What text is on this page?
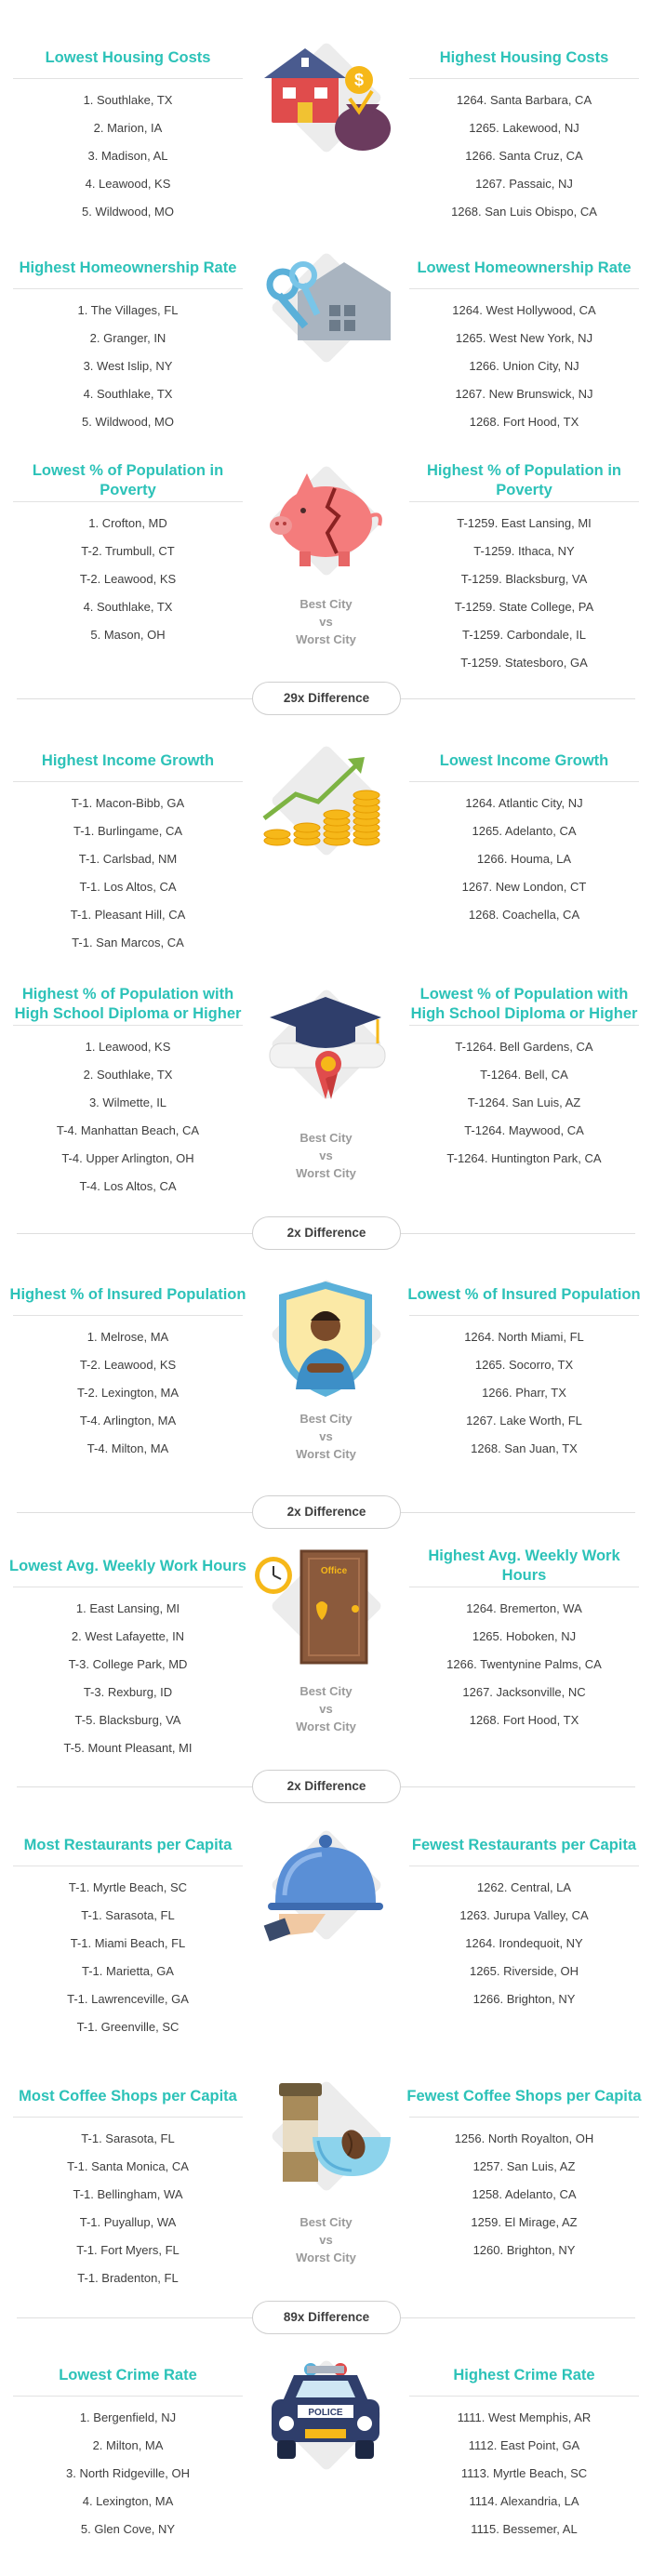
Lowest Housing Costs
1. Southlake, TX
2. Marion, IA
3. Madison, AL
4. Leawood, KS
5. Wildwood, MO
Highest Housing Costs
1264. Santa Barbara, CA
1265. Lakewood, NJ
1266. Santa Cruz, CA
1267. Passaic, NJ
1268. San Luis Obispo, CA
$
Highest Homeownership Rate
1. The Villages, FL
2. Granger, IN
3. West Islip, NY
4. Southlake, TX
5. Wildwood, MO
Lowest Homeownership Rate
1264. West Hollywood, CA
1265. West New York, NJ
1266. Union City, NJ
1267. New Brunswick, NJ
1268. Fort Hood, TX
Lowest % of Population in Poverty
1. Crofton, MD
T-2. Trumbull, CT
T-2. Leawood, KS
4. Southlake, TX
5. Mason, OH
Highest % of Population in Poverty
T-1259. East Lansing, MI
T-1259. Ithaca, NY
T-1259. Blacksburg, VA
T-1259. State College, PA
T-1259. Carbondale, IL
T-1259. Statesboro, GA
Best City
vs
Worst City
29x Difference
Highest Income Growth
T-1. Macon-Bibb, GA
T-1. Burlingame, CA
T-1. Carlsbad, NM
T-1. Los Altos, CA
T-1. Pleasant Hill, CA
T-1. San Marcos, CA
Lowest Income Growth
1264. Atlantic City, NJ
1265. Adelanto, CA
1266. Houma, LA
1267. New London, CT
1268. Coachella, CA
Highest % of Population with
High School Diploma or Higher
1. Leawood, KS
2. Southlake, TX
3. Wilmette, IL
T-4. Manhattan Beach, CA
T-4. Upper Arlington, OH
T-4. Los Altos, CA
Lowest % of Population with
High School Diploma or Higher
T-1264. Bell Gardens, CA
T-1264. Bell, CA
T-1264. San Luis, AZ
T-1264. Maywood, CA
T-1264. Huntington Park, CA
Best City
vs
Worst City
2x Difference
Highest % of Insured Population
1. Melrose, MA
T-2. Leawood, KS
T-2. Lexington, MA
T-4. Arlington, MA
T-4. Milton, MA
Lowest % of Insured Population
1264. North Miami, FL
1265. Socorro, TX
1266. Pharr, TX
1267. Lake Worth, FL
1268. San Juan, TX
Best City
vs
Worst City
2x Difference
Lowest Avg. Weekly Work Hours
1. East Lansing, MI
2. West Lafayette, IN
T-3. College Park, MD
T-3. Rexburg, ID
T-5. Blacksburg, VA
T-5. Mount Pleasant, MI
Highest Avg. Weekly Work Hours
1264. Bremerton, WA
1265. Hoboken, NJ
1266. Twentynine Palms, CA
1267. Jacksonville, NC
1268. Fort Hood, TX
Office
Best City
vs
Worst City
2x Difference
Most Restaurants per Capita
T-1. Myrtle Beach, SC
T-1. Sarasota, FL
T-1. Miami Beach, FL
T-1. Marietta, GA
T-1. Lawrenceville, GA
T-1. Greenville, SC
Fewest Restaurants per Capita
1262. Central, LA
1263. Jurupa Valley, CA
1264. Irondequoit, NY
1265. Riverside, OH
1266. Brighton, NY
Most Coffee Shops per Capita
T-1. Sarasota, FL
T-1. Santa Monica, CA
T-1. Bellingham, WA
T-1. Puyallup, WA
T-1. Fort Myers, FL
T-1. Bradenton, FL
Fewest Coffee Shops per Capita
1256. North Royalton, OH
1257. San Luis, AZ
1258. Adelanto, CA
1259. El Mirage, AZ
1260. Brighton, NY
Best City
vs
Worst City
89x Difference
Lowest Crime Rate
1. Bergenfield, NJ
2. Milton, MA
3. North Ridgeville, OH
4. Lexington, MA
5. Glen Cove, NY
Highest Crime Rate
1111. West Memphis, AR
1112. East Point, GA
1113. Myrtle Beach, SC
1114. Alexandria, LA
1115. Bessemer, AL
POLICE
